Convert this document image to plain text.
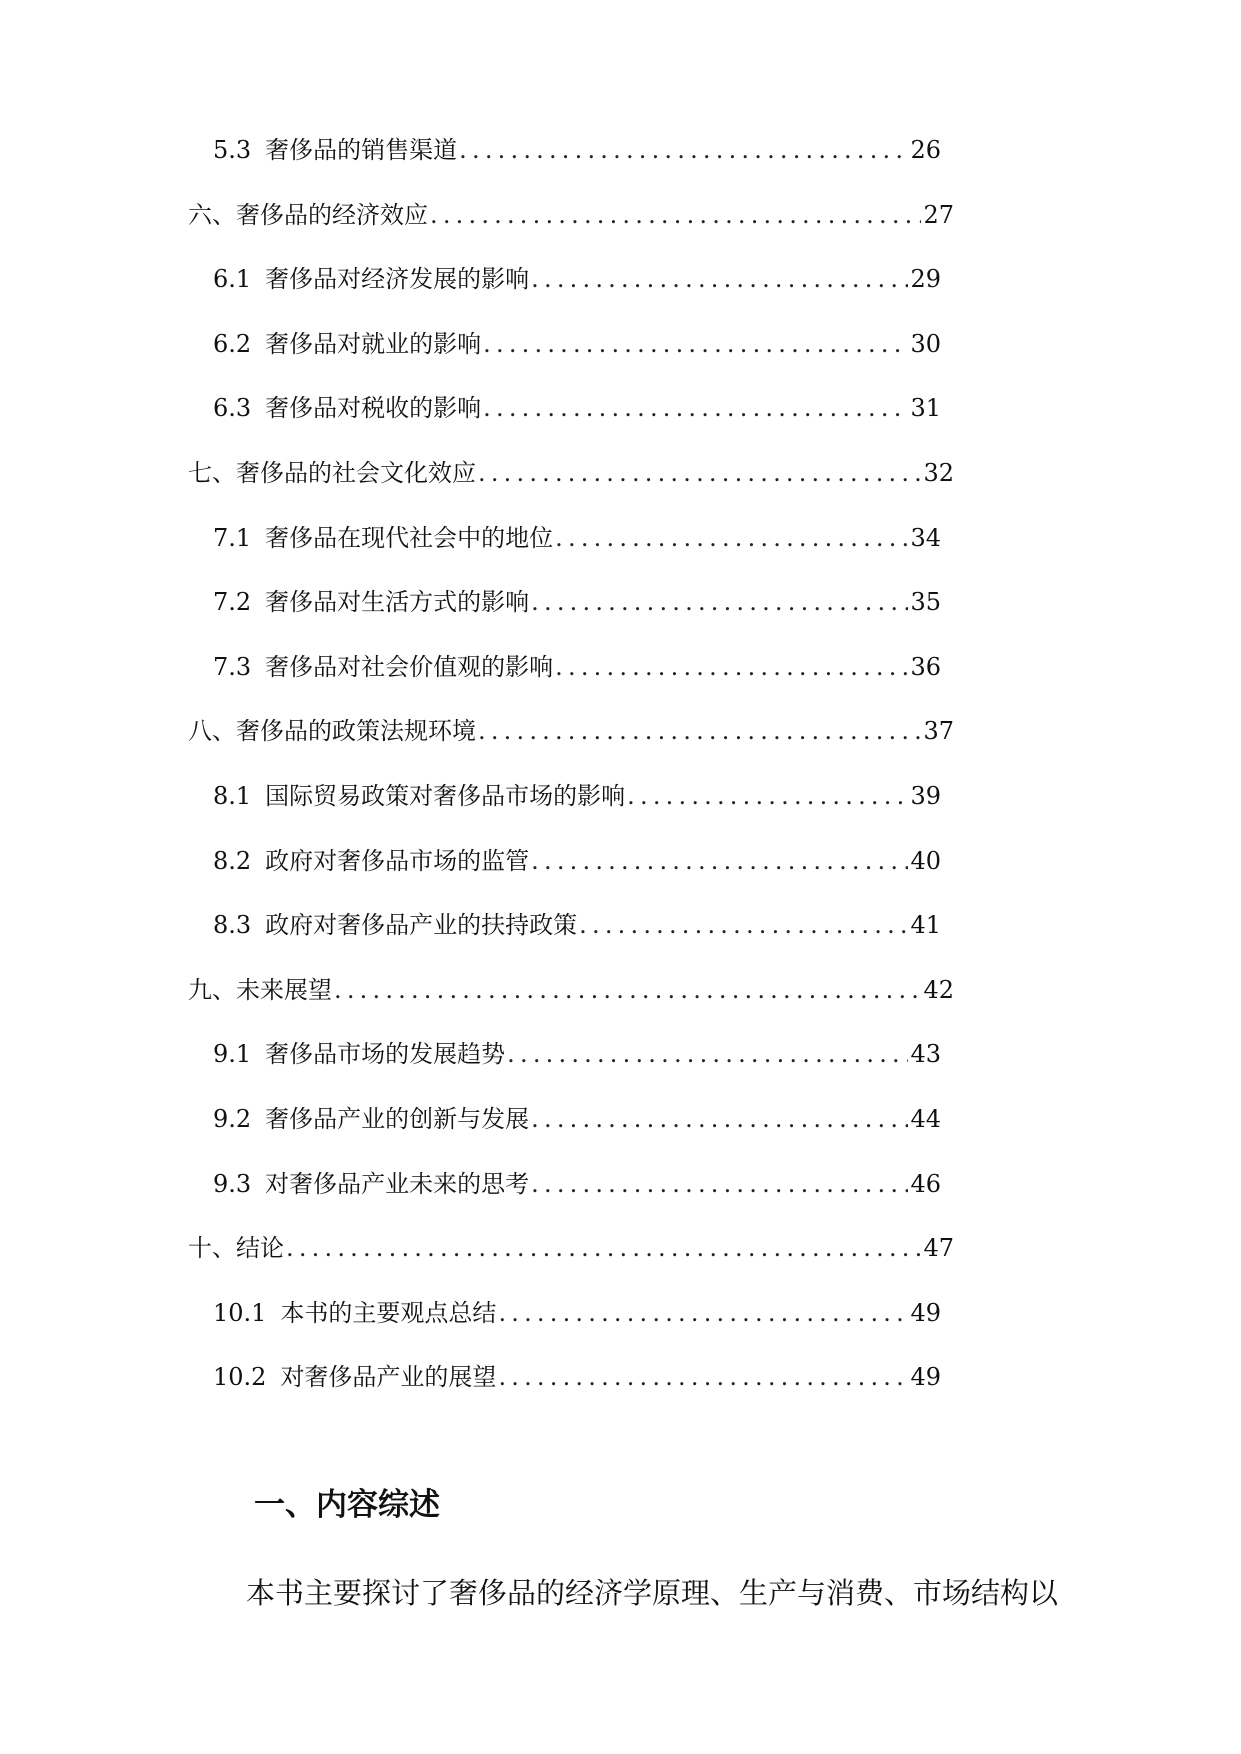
5.3 奢侈品的销售渠道 .....	26
六、奢侈品的经济效应 .....	27
6.1 奢侈品对经济发展的影响 .....	29
6.2 奢侈品对就业的影响 .....	30
6.3 奢侈品对税收的影响 .....	31
七、奢侈品的社会文化效应 .....	32
7.1 奢侈品在现代社会中的地位 .....	34
7.2 奢侈品对生活方式的影响 .....	35
7.3 奢侈品对社会价值观的影响 .....	36
八、奢侈品的政策法规环境 .....	37
8.1 国际贸易政策对奢侈品市场的影响 .....	39
8.2 政府对奢侈品市场的监管 .....	40
8.3 政府对奢侈品产业的扶持政策 .....	41
九、未来展望 .....	42
9.1 奢侈品市场的发展趋势 .....	43
9.2 奢侈品产业的创新与发展 .....	44
9.3 对奢侈品产业未来的思考 .....	46
十、结论 .....	47
10.1 本书的主要观点总结 .....	49
10.2 对奢侈品产业的展望 .....	49
一、内容综述

本书主要探讨了奢侈品的经济学原理、生产与消费、市场结构以
